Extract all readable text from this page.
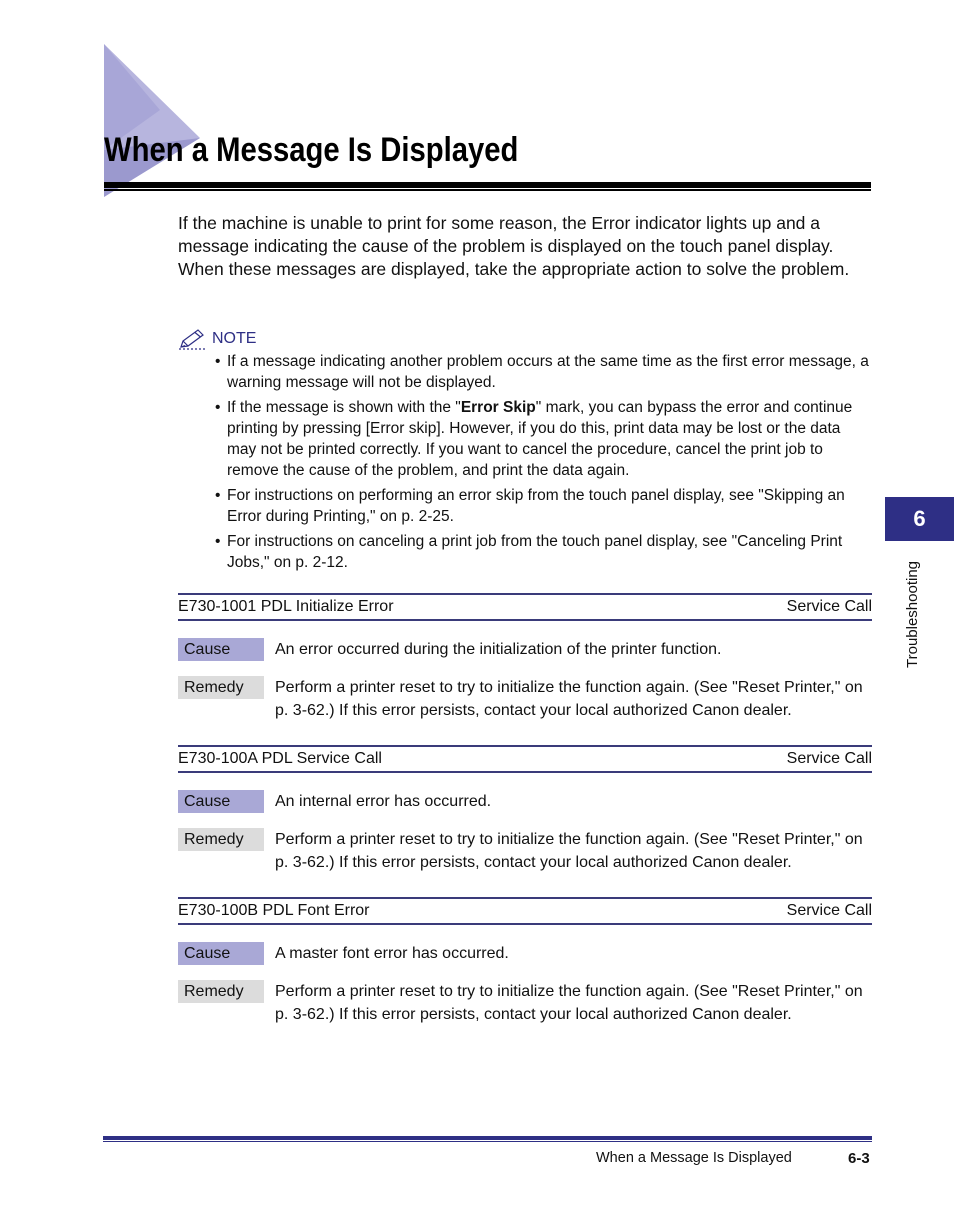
When a Message Is Displayed

If the machine is unable to print for some reason, the Error indicator lights up and a message indicating the cause of the problem is displayed on the touch panel display. When these messages are displayed, take the appropriate action to solve the problem.

NOTE
• If a message indicating another problem occurs at the same time as the first error message, a warning message will not be displayed.
• If the message is shown with the "Error Skip" mark, you can bypass the error and continue printing by pressing [Error skip]. However, if you do this, print data may be lost or the data may not be printed correctly. If you want to cancel the procedure, cancel the print job to remove the cause of the problem, and print the data again.
• For instructions on performing an error skip from the touch panel display, see "Skipping an Error during Printing," on p. 2-25.
• For instructions on canceling a print job from the touch panel display, see "Canceling Print Jobs," on p. 2-12.
E730-1001 PDL Initialize Error	Service Call
Cause	An error occurred during the initialization of the printer function.
Remedy	Perform a printer reset to try to initialize the function again. (See "Reset Printer," on p. 3-62.) If this error persists, contact your local authorized Canon dealer.
E730-100A PDL Service Call	Service Call
Cause	An internal error has occurred.
Remedy	Perform a printer reset to try to initialize the function again. (See "Reset Printer," on p. 3-62.) If this error persists, contact your local authorized Canon dealer.
E730-100B PDL Font Error	Service Call
Cause	A master font error has occurred.
Remedy	Perform a printer reset to try to initialize the function again. (See "Reset Printer," on p. 3-62.) If this error persists, contact your local authorized Canon dealer.
6
Troubleshooting
When a Message Is Displayed	6-3
